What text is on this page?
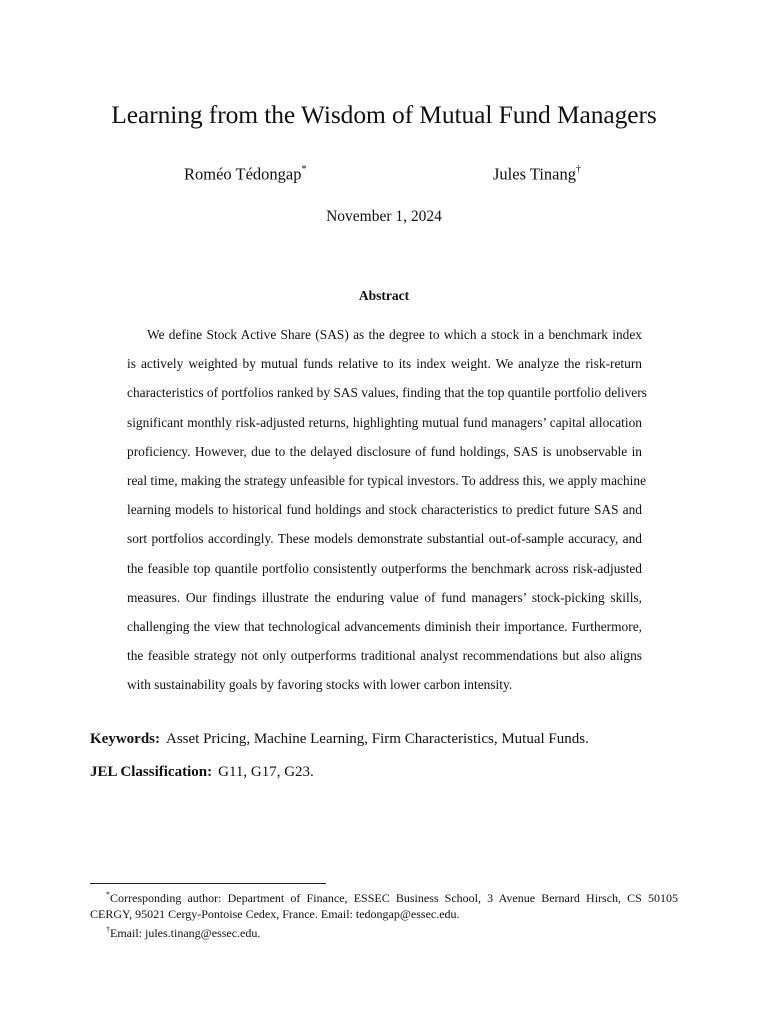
Learning from the Wisdom of Mutual Fund Managers
Roméo Tédongap*	Jules Tinang†
November 1, 2024
Abstract
We define Stock Active Share (SAS) as the degree to which a stock in a benchmark index
is actively weighted by mutual funds relative to its index weight. We analyze the risk-return
characteristics of portfolios ranked by SAS values, finding that the top quantile portfolio delivers
significant monthly risk-adjusted returns, highlighting mutual fund managers’ capital allocation
proficiency. However, due to the delayed disclosure of fund holdings, SAS is unobservable in
real time, making the strategy unfeasible for typical investors. To address this, we apply machine
learning models to historical fund holdings and stock characteristics to predict future SAS and
sort portfolios accordingly. These models demonstrate substantial out-of-sample accuracy, and
the feasible top quantile portfolio consistently outperforms the benchmark across risk-adjusted
measures. Our findings illustrate the enduring value of fund managers’ stock-picking skills,
challenging the view that technological advancements diminish their importance. Furthermore,
the feasible strategy not only outperforms traditional analyst recommendations but also aligns
with sustainability goals by favoring stocks with lower carbon intensity.
Keywords: Asset Pricing, Machine Learning, Firm Characteristics, Mutual Funds.
JEL Classification: G11, G17, G23.
*Corresponding author: Department of Finance, ESSEC Business School, 3 Avenue Bernard Hirsch, CS 50105
CERGY, 95021 Cergy-Pontoise Cedex, France. Email: tedongap@essec.edu.
†Email: jules.tinang@essec.edu.
